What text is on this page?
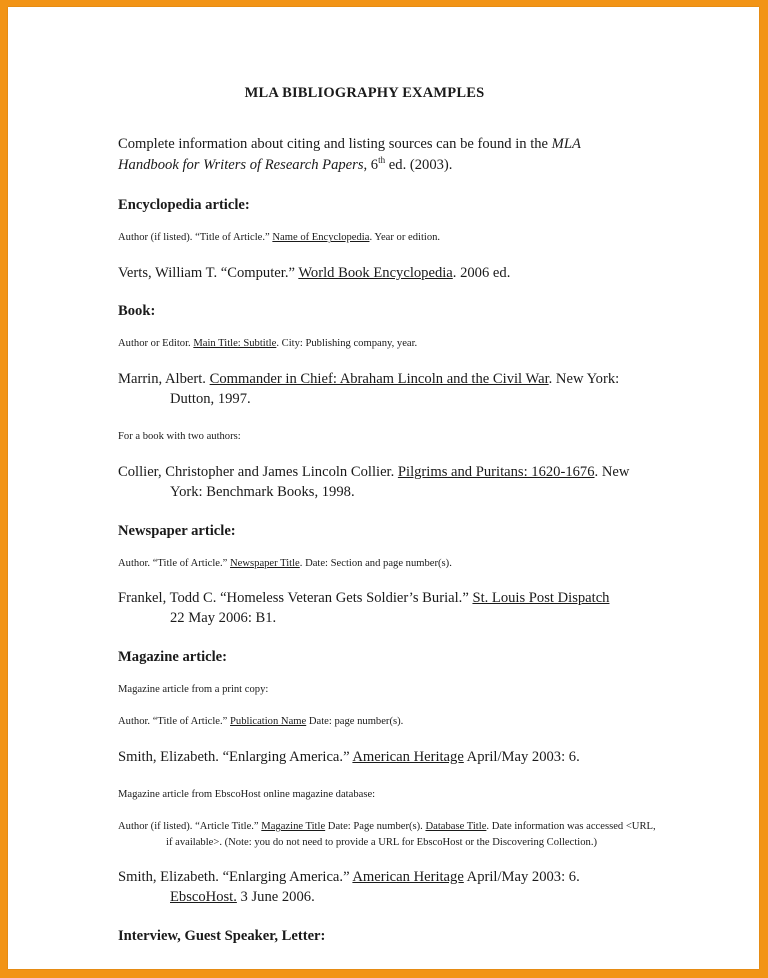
MLA BIBLIOGRAPHY EXAMPLES

Complete information about citing and listing sources can be found in the MLA Handbook for Writers of Research Papers, 6th ed. (2003).

Encyclopedia article:

Author (if listed). “Title of Article.” Name of Encyclopedia. Year or edition.

Verts, William T. “Computer.” World Book Encyclopedia. 2006 ed.

Book:

Author or Editor. Main Title: Subtitle. City: Publishing company, year.

Marrin, Albert. Commander in Chief: Abraham Lincoln and the Civil War. New York:
Dutton, 1997.

For a book with two authors:

Collier, Christopher and James Lincoln Collier. Pilgrims and Puritans: 1620-1676. New
York: Benchmark Books, 1998.

Newspaper article:

Author. “Title of Article.” Newspaper Title. Date: Section and page number(s).

Frankel, Todd C. “Homeless Veteran Gets Soldier’s Burial.” St. Louis Post Dispatch
22 May 2006: B1.

Magazine article:

Magazine article from a print copy:

Author. “Title of Article.” Publication Name Date: page number(s).

Smith, Elizabeth. “Enlarging America.” American Heritage April/May 2003: 6.

Magazine article from EbscoHost online magazine database:

Author (if listed). “Article Title.” Magazine Title Date: Page number(s). Database Title. Date information was accessed <URL, if available>. (Note: you do not need to provide a URL for EbscoHost or the Discovering Collection.)

Smith, Elizabeth. “Enlarging America.” American Heritage April/May 2003: 6.
EbscoHost. 3 June 2006.

Interview, Guest Speaker, Letter:
